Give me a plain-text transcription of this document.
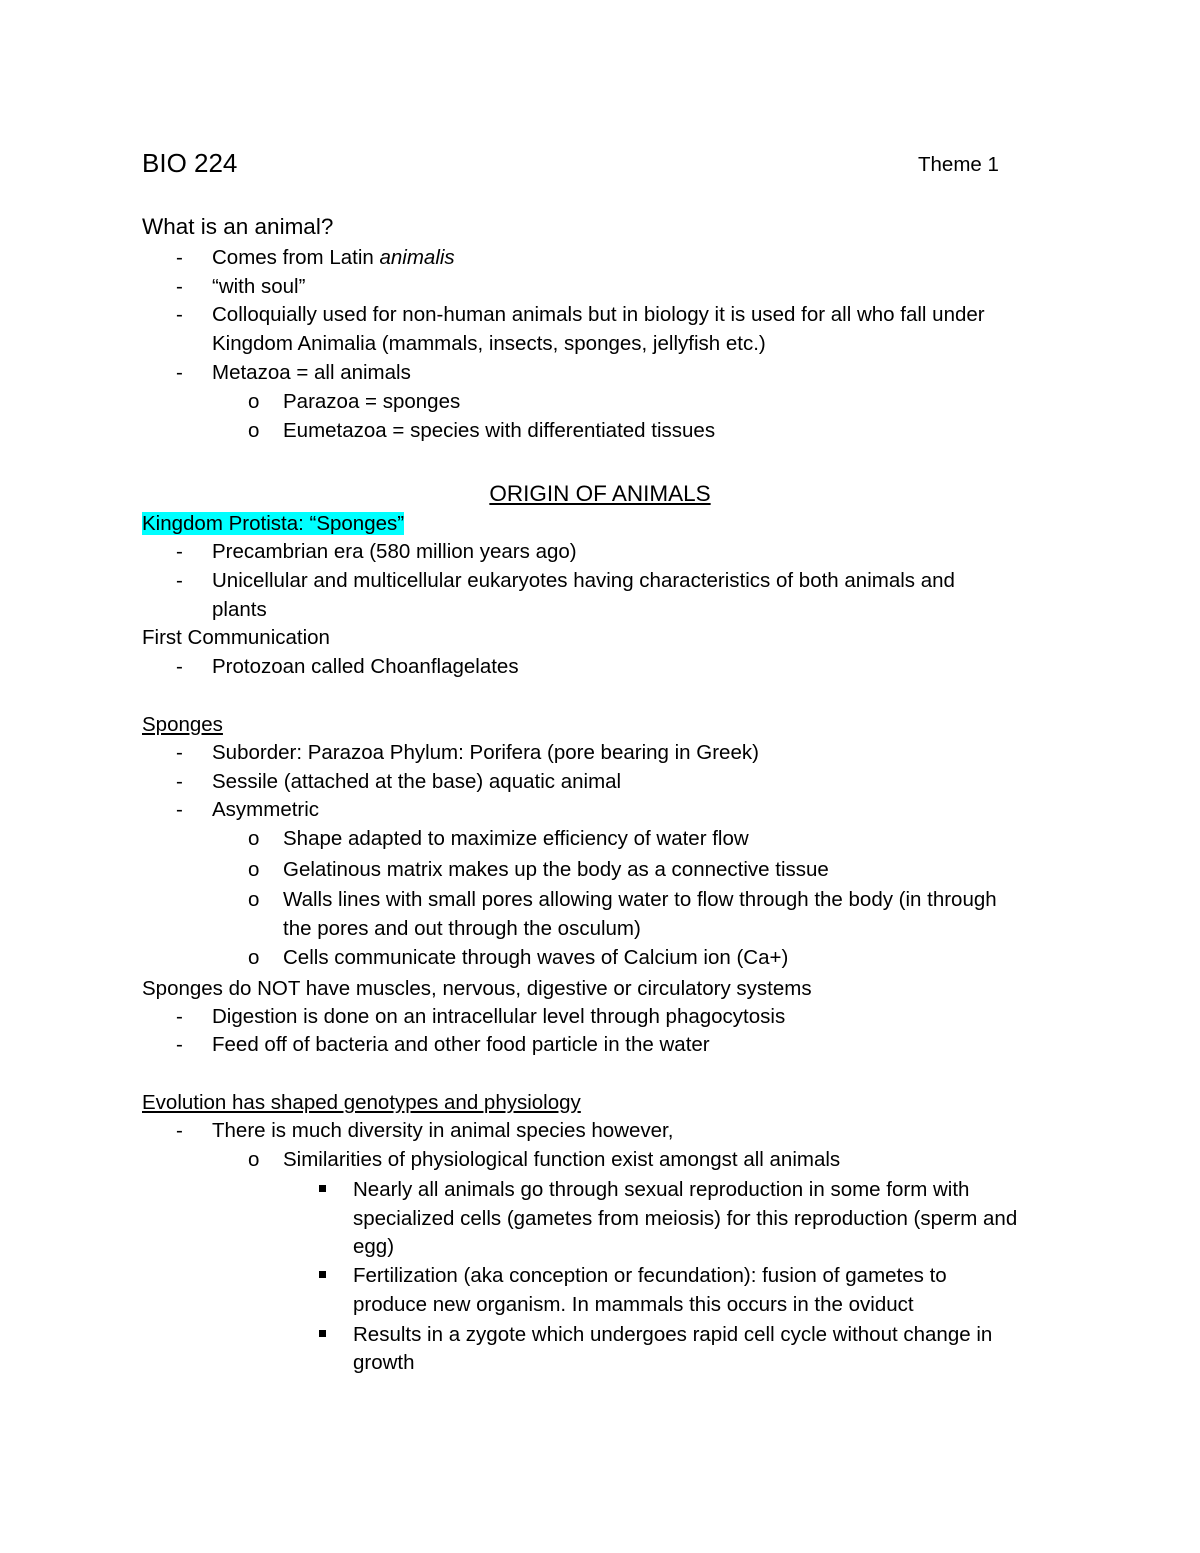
BIO 224	Theme 1
What is an animal?
- Comes from Latin animalis
- “with soul”
- Colloquially used for non-human animals but in biology it is used for all who fall under
Kingdom Animalia (mammals, insects, sponges, jellyfish etc.)
- Metazoa = all animals
o Parazoa = sponges
o Eumetazoa = species with differentiated tissues
ORIGIN OF ANIMALS
Kingdom Protista: “Sponges”
- Precambrian era (580 million years ago)
- Unicellular and multicellular eukaryotes having characteristics of both animals and
plants
First Communication
- Protozoan called Choanflagelates
Sponges
- Suborder: Parazoa Phylum: Porifera (pore bearing in Greek)
- Sessile (attached at the base) aquatic animal
- Asymmetric
o Shape adapted to maximize efficiency of water flow
o Gelatinous matrix makes up the body as a connective tissue
o Walls lines with small pores allowing water to flow through the body (in through
the pores and out through the osculum)
o Cells communicate through waves of Calcium ion (Ca+)
Sponges do NOT have muscles, nervous, digestive or circulatory systems
- Digestion is done on an intracellular level through phagocytosis
- Feed off of bacteria and other food particle in the water
Evolution has shaped genotypes and physiology
- There is much diversity in animal species however,
o Similarities of physiological function exist amongst all animals
Nearly all animals go through sexual reproduction in some form with
specialized cells (gametes from meiosis) for this reproduction (sperm and
egg)
Fertilization (aka conception or fecundation): fusion of gametes to
produce new organism. In mammals this occurs in the oviduct
Results in a zygote which undergoes rapid cell cycle without change in
growth
